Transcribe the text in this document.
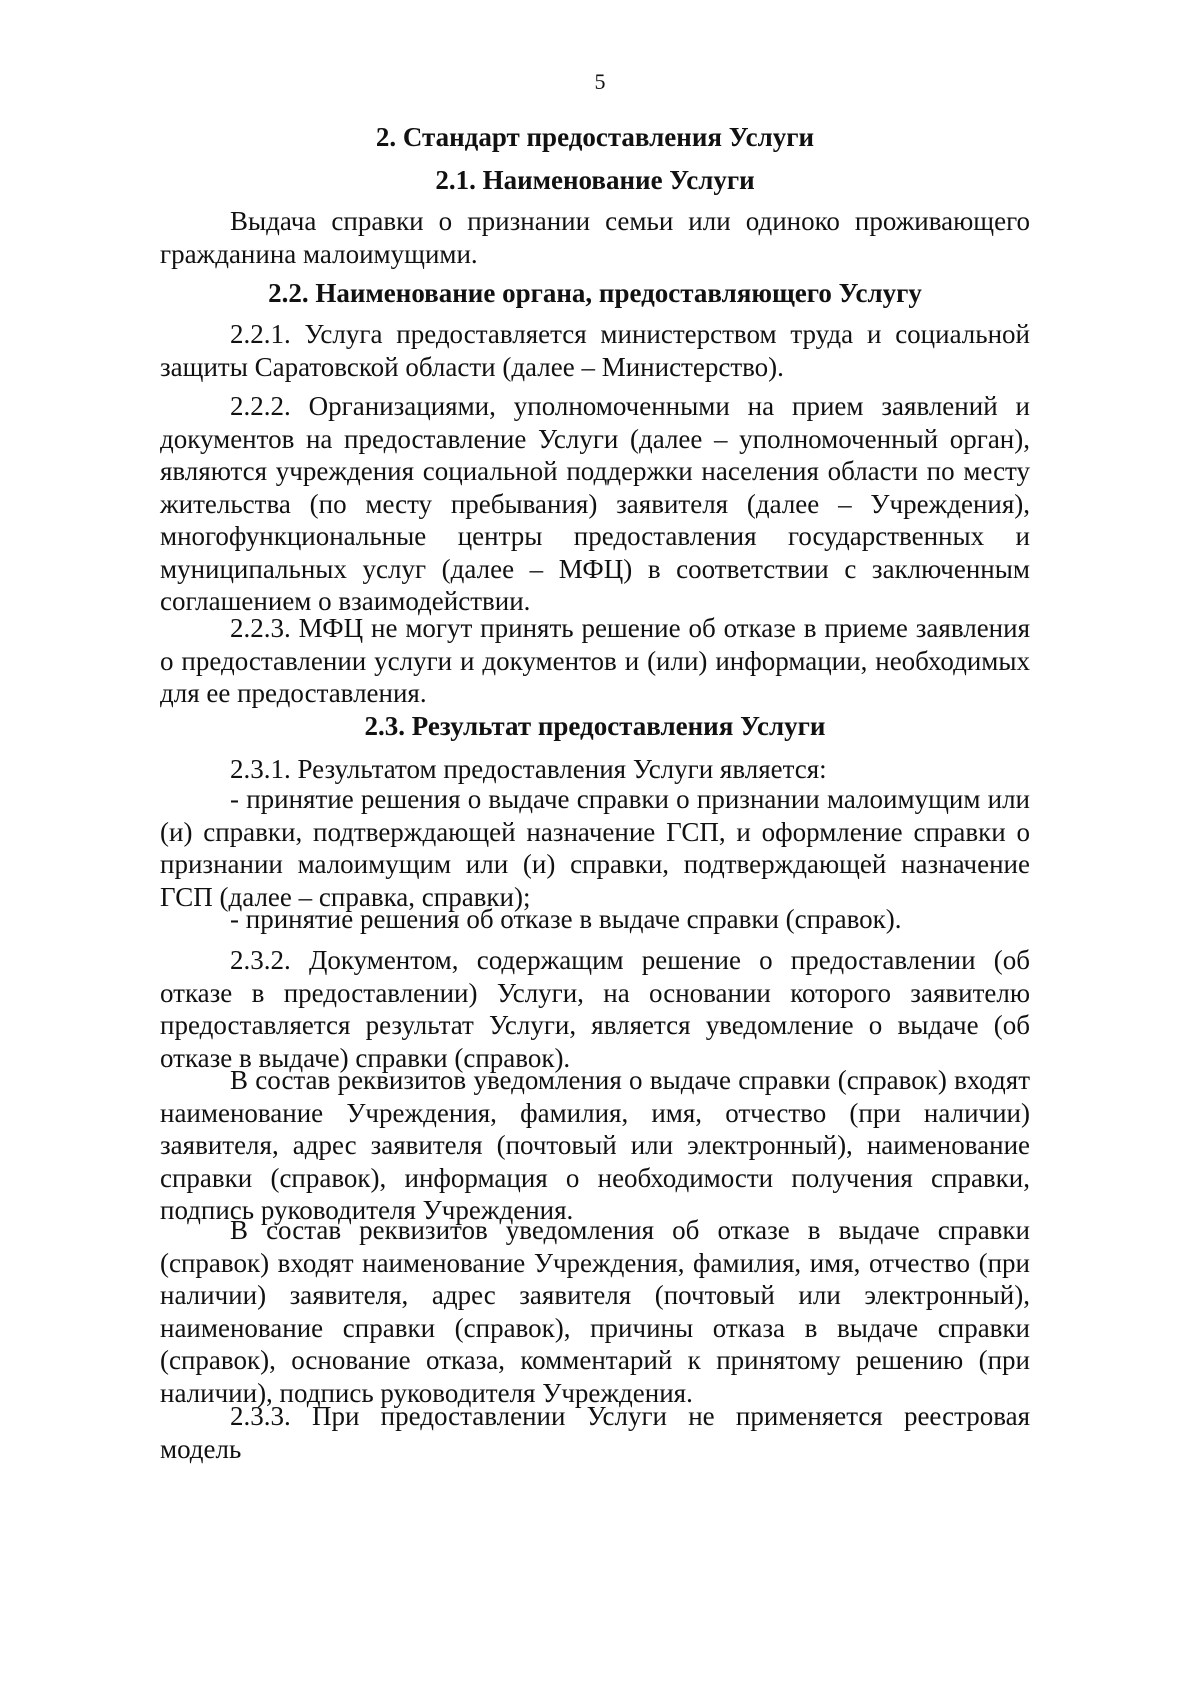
5
2. Стандарт предоставления Услуги
2.1. Наименование Услуги
Выдача справки о признании семьи или одиноко проживающего гражданина малоимущими.
2.2. Наименование органа, предоставляющего Услугу
2.2.1. Услуга предоставляется министерством труда и социальной защиты Саратовской области (далее – Министерство).
2.2.2. Организациями, уполномоченными на прием заявлений и документов на предоставление Услуги (далее – уполномоченный орган), являются учреждения социальной поддержки населения области по месту жительства (по месту пребывания) заявителя (далее – Учреждения), многофункциональные центры предоставления государственных и муниципальных услуг (далее – МФЦ) в соответствии с заключенным соглашением о взаимодействии.
2.2.3. МФЦ не могут принять решение об отказе в приеме заявления о предоставлении услуги и документов и (или) информации, необходимых для ее предоставления.
2.3. Результат предоставления Услуги
2.3.1. Результатом предоставления Услуги является:
- принятие решения о выдаче справки о признании малоимущим или (и) справки, подтверждающей назначение ГСП, и оформление справки о признании малоимущим или (и) справки, подтверждающей назначение ГСП (далее – справка, справки);
- принятие решения об отказе в выдаче справки (справок).
2.3.2. Документом, содержащим решение о предоставлении (об отказе в предоставлении) Услуги, на основании которого заявителю предоставляется результат Услуги, является уведомление о выдаче (об отказе в выдаче) справки (справок).
В состав реквизитов уведомления о выдаче справки (справок) входят наименование Учреждения, фамилия, имя, отчество (при наличии) заявителя, адрес заявителя (почтовый или электронный), наименование справки (справок), информация о необходимости получения справки, подпись руководителя Учреждения.
В состав реквизитов уведомления об отказе в выдаче справки (справок) входят наименование Учреждения, фамилия, имя, отчество (при наличии) заявителя, адрес заявителя (почтовый или электронный), наименование справки (справок), причины отказа в выдаче справки (справок), основание отказа, комментарий к принятому решению (при наличии), подпись руководителя Учреждения.
2.3.3. При предоставлении Услуги не применяется реестровая модель
